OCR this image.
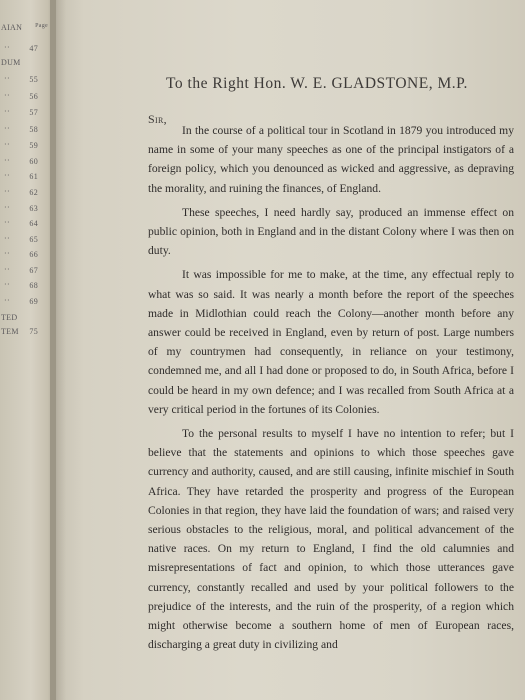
AIAN Page
·· 47
DUM
·· 55
·· 56
·· 57
·· 58
·· 59
·· 60
·· 61
·· 62
·· 63
·· 64
·· 65
·· 66
·· 67
·· 68
·· 69
TED
TEM 75
To the Right Hon. W. E. GLADSTONE, M.P.
Sir,

In the course of a political tour in Scotland in 1879 you introduced my name in some of your many speeches as one of the principal instigators of a foreign policy, which you denounced as wicked and aggressive, as depraving the morality, and ruining the finances, of England.

These speeches, I need hardly say, produced an immense effect on public opinion, both in England and in the distant Colony where I was then on duty.

It was impossible for me to make, at the time, any effectual reply to what was so said. It was nearly a month before the report of the speeches made in Midlothian could reach the Colony—another month before any answer could be received in England, even by return of post. Large numbers of my countrymen had consequently, in reliance on your testimony, condemned me, and all I had done or proposed to do, in South Africa, before I could be heard in my own defence; and I was recalled from South Africa at a very critical period in the fortunes of its Colonies.

To the personal results to myself I have no intention to refer; but I believe that the statements and opinions to which those speeches gave currency and authority, caused, and are still causing, infinite mischief in South Africa. They have retarded the prosperity and progress of the European Colonies in that region, they have laid the foundation of wars; and raised very serious obstacles to the religious, moral, and political advancement of the native races. On my return to England, I find the old calumnies and misrepresentations of fact and opinion, to which those utterances gave currency, constantly recalled and used by your political followers to the prejudice of the interests, and the ruin of the prosperity, of a region which might otherwise become a southern home of men of European races, discharging a great duty in civilizing and
